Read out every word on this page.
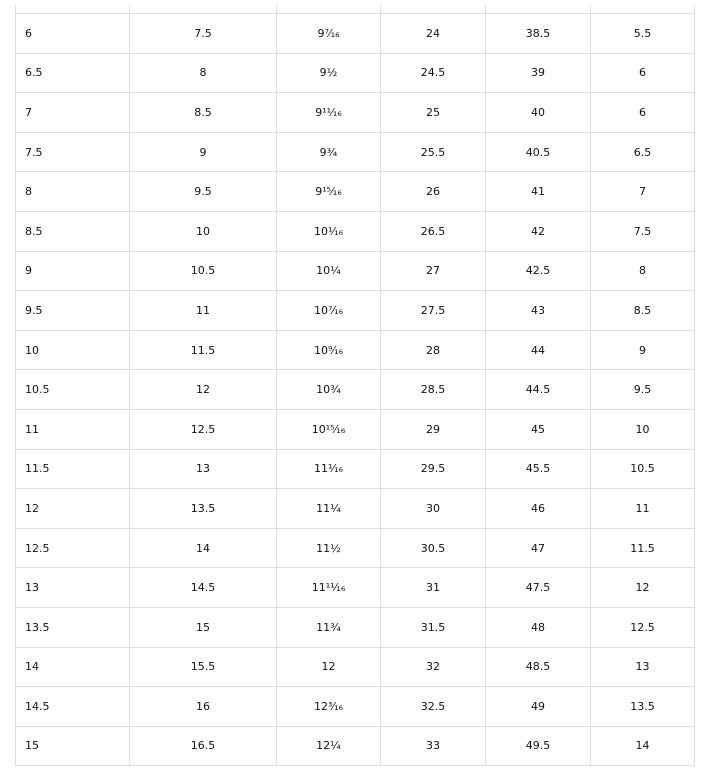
6	7.5	9⁷⁄₁₆	24	38.5	5.5
6.5	8	9½	24.5	39	6
7	8.5	9¹¹⁄₁₆	25	40	6
7.5	9	9¾	25.5	40.5	6.5
8	9.5	9¹⁵⁄₁₆	26	41	7
8.5	10	10¹⁄₁₆	26.5	42	7.5
9	10.5	10¼	27	42.5	8
9.5	11	10⁷⁄₁₆	27.5	43	8.5
10	11.5	10⁹⁄₁₆	28	44	9
10.5	12	10¾	28.5	44.5	9.5
11	12.5	10¹⁵⁄₁₆	29	45	10
11.5	13	11¹⁄₁₆	29.5	45.5	10.5
12	13.5	11¼	30	46	11
12.5	14	11½	30.5	47	11.5
13	14.5	11¹¹⁄₁₆	31	47.5	12
13.5	15	11¾	31.5	48	12.5
14	15.5	12	32	48.5	13
14.5	16	12³⁄₁₆	32.5	49	13.5
15	16.5	12¼	33	49.5	14
